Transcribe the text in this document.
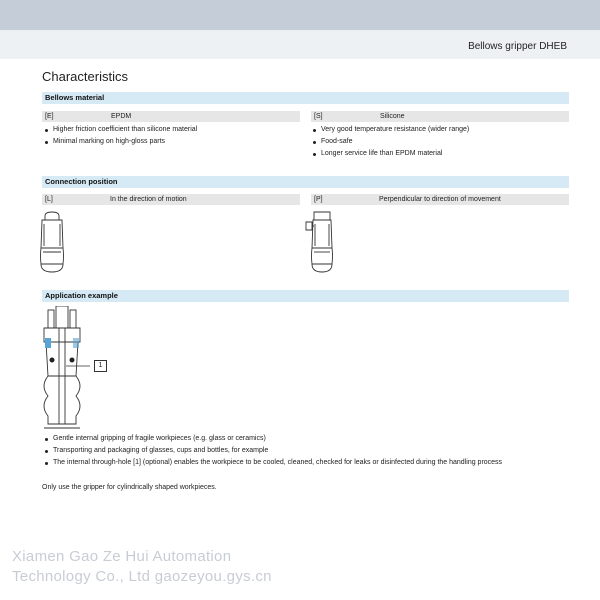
Bellows gripper DHEB
Characteristics
Bellows material
[E]	EPDM	[S]	Silicone
Higher friction coefficient than silicone material
Minimal marking on high-gloss parts
Very good temperature resistance (wider range)
Food-safe
Longer service life than EPDM material
Connection position
[L]	In the direction of motion	[P]	Perpendicular to direction of movement
Application example
1
Gentle internal gripping of fragile workpieces (e.g. glass or ceramics)
Transporting and packaging of glasses, cups and bottles, for example
The internal through-hole [1] (optional) enables the workpiece to be cooled, cleaned, checked for leaks or disinfected during the handling process
Only use the gripper for cylindrically shaped workpieces.
Xiamen Gao Ze Hui Automation
Technology Co., Ltd gaozeyou.gys.cn
